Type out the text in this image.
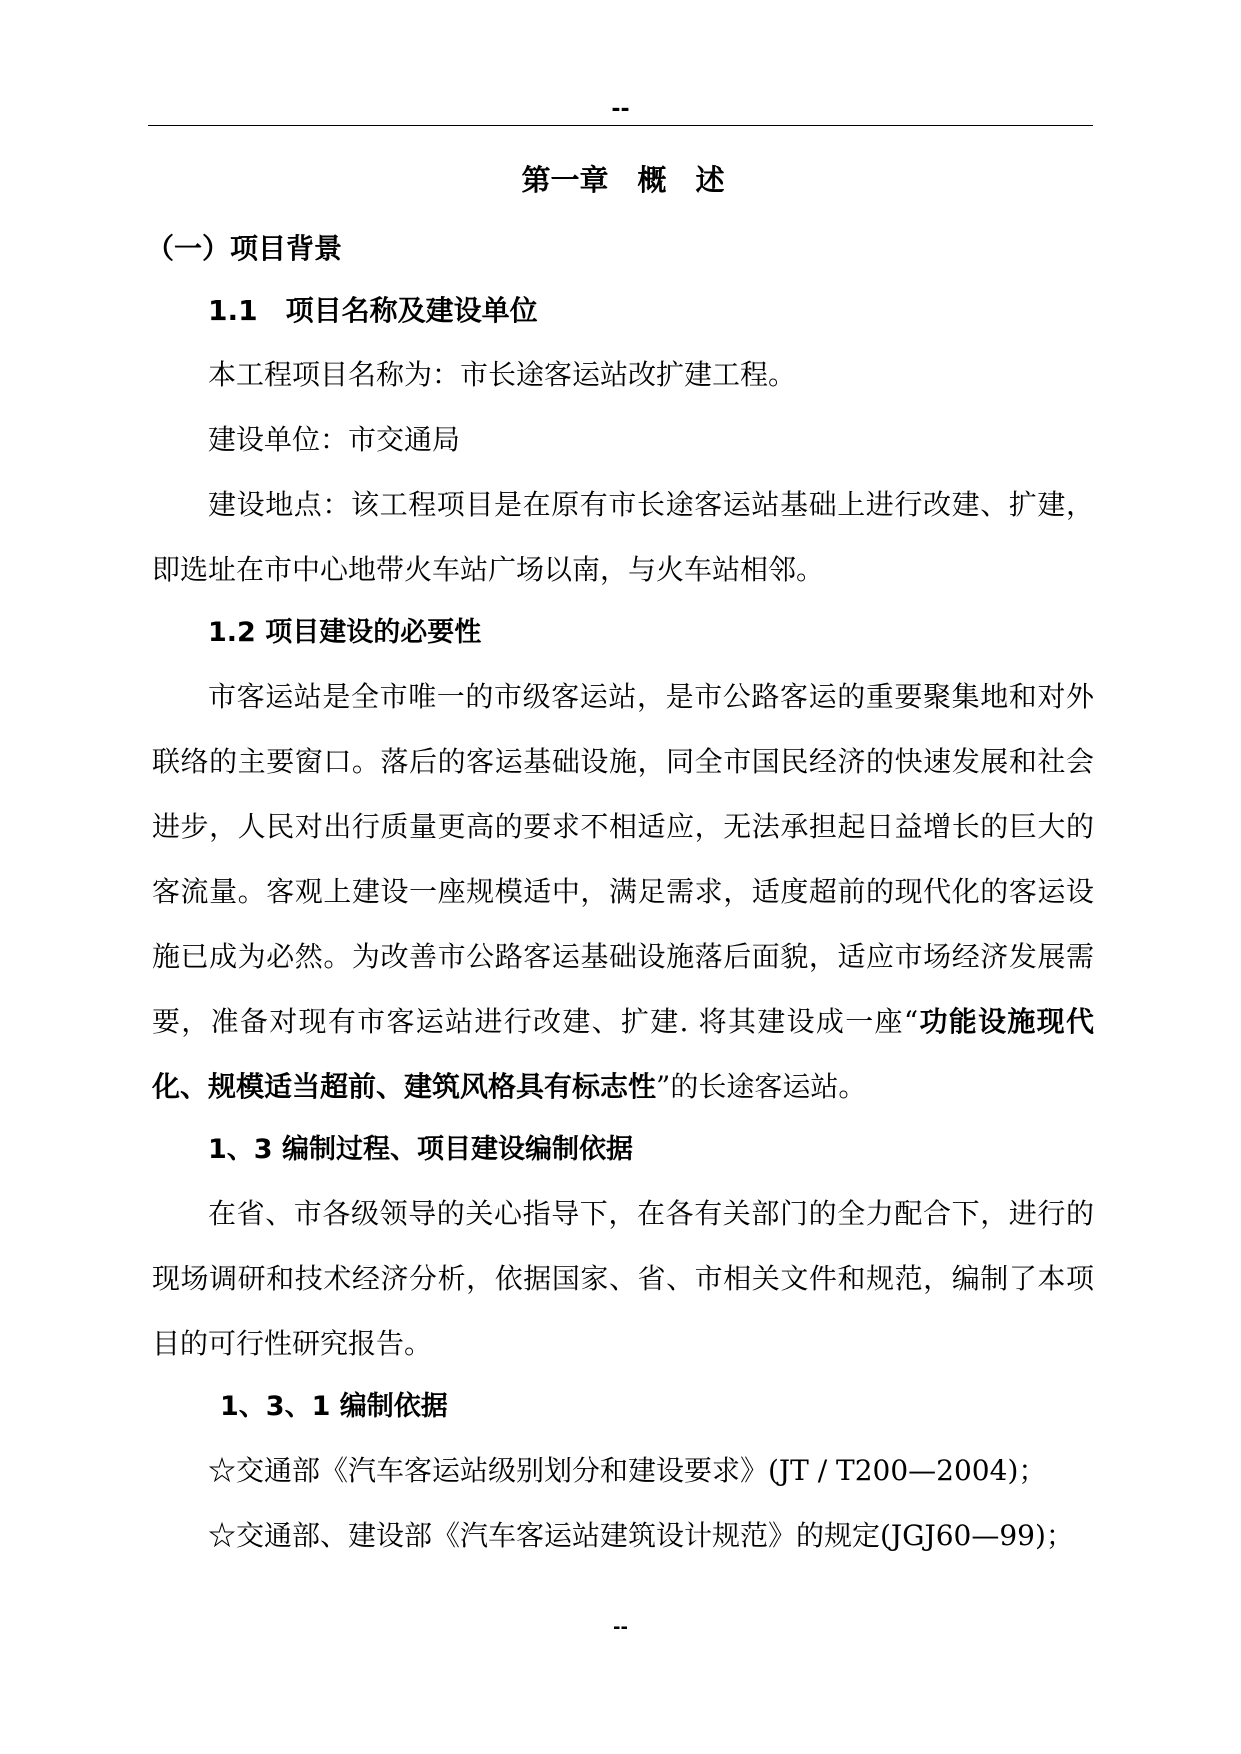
--
第一章　概　述
（一）项目背景
1.1　项目名称及建设单位

本工程项目名称为：市长途客运站改扩建工程。

建设单位：市交通局

建设地点：该工程项目是在原有市长途客运站基础上进行改建、扩建，即选址在市中心地带火车站广场以南，与火车站相邻。

1.2 项目建设的必要性

市客运站是全市唯一的市级客运站，是市公路客运的重要聚集地和对外联络的主要窗口。落后的客运基础设施，同全市国民经济的快速发展和社会进步，人民对出行质量更高的要求不相适应，无法承担起日益增长的巨大的客流量。客观上建设一座规模适中，满足需求，适度超前的现代化的客运设施已成为必然。为改善市公路客运基础设施落后面貌，适应市场经济发展需要，准备对现有市客运站进行改建、扩建. 将其建设成一座“功能设施现代化、规模适当超前、建筑风格具有标志性”的长途客运站。

1、3 编制过程、项目建设编制依据

在省、市各级领导的关心指导下，在各有关部门的全力配合下，进行的现场调研和技术经济分析，依据国家、省、市相关文件和规范，编制了本项目的可行性研究报告。

1、3、1 编制依据

☆交通部《汽车客运站级别划分和建设要求》(JT / T200—2004)；

☆交通部、建设部《汽车客运站建筑设计规范》的规定(JGJ60—99)；

--
